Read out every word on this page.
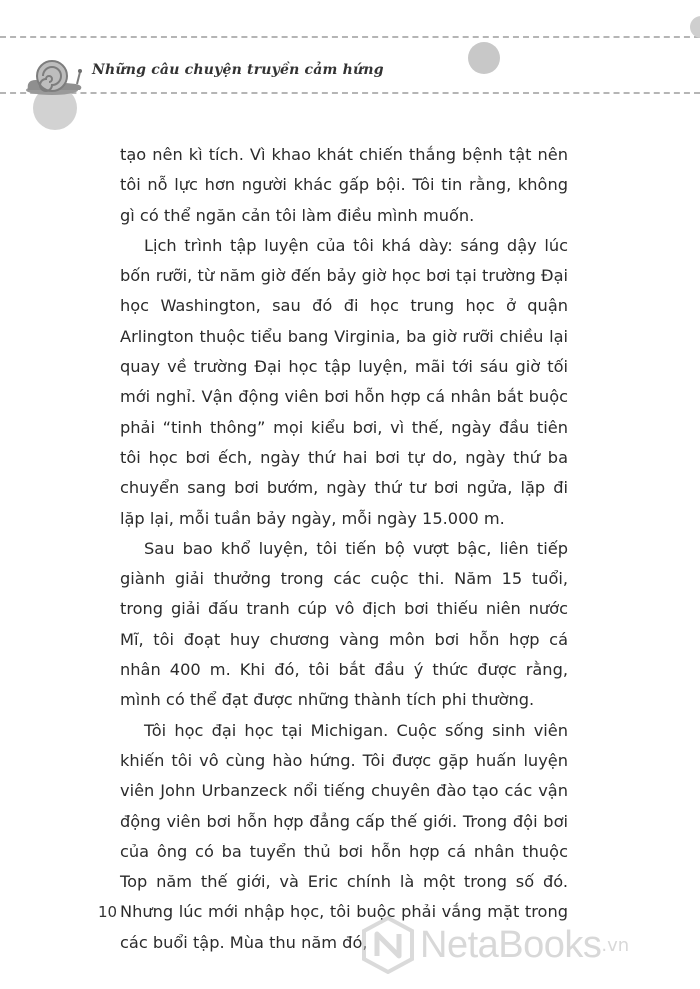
Những câu chuyện truyền cảm hứng

tạo nên kì tích. Vì khao khát chiến thắng bệnh tật nên tôi nỗ lực hơn người khác gấp bội. Tôi tin rằng, không gì có thể ngăn cản tôi làm điều mình muốn.

Lịch trình tập luyện của tôi khá dày: sáng dậy lúc bốn rưỡi, từ năm giờ đến bảy giờ học bơi tại trường Đại học Washington, sau đó đi học trung học ở quận Arlington thuộc tiểu bang Virginia, ba giờ rưỡi chiều lại quay về trường Đại học tập luyện, mãi tới sáu giờ tối mới nghỉ. Vận động viên bơi hỗn hợp cá nhân bắt buộc phải “tinh thông” mọi kiểu bơi, vì thế, ngày đầu tiên tôi học bơi ếch, ngày thứ hai bơi tự do, ngày thứ ba chuyển sang bơi bướm, ngày thứ tư bơi ngửa, lặp đi lặp lại, mỗi tuần bảy ngày, mỗi ngày 15.000 m.

Sau bao khổ luyện, tôi tiến bộ vượt bậc, liên tiếp giành giải thưởng trong các cuộc thi. Năm 15 tuổi, trong giải đấu tranh cúp vô địch bơi thiếu niên nước Mĩ, tôi đoạt huy chương vàng môn bơi hỗn hợp cá nhân 400 m. Khi đó, tôi bắt đầu ý thức được rằng, mình có thể đạt được những thành tích phi thường.

Tôi học đại học tại Michigan. Cuộc sống sinh viên khiến tôi vô cùng hào hứng. Tôi được gặp huấn luyện viên John Urbanzeck nổi tiếng chuyên đào tạo các vận động viên bơi hỗn hợp đẳng cấp thế giới. Trong đội bơi của ông có ba tuyển thủ bơi hỗn hợp cá nhân thuộc Top năm thế giới, và Eric chính là một trong số đó. Nhưng lúc mới nhập học, tôi buộc phải vắng mặt trong các buổi tập. Mùa thu năm đó,

10
NetaBooks .vn
